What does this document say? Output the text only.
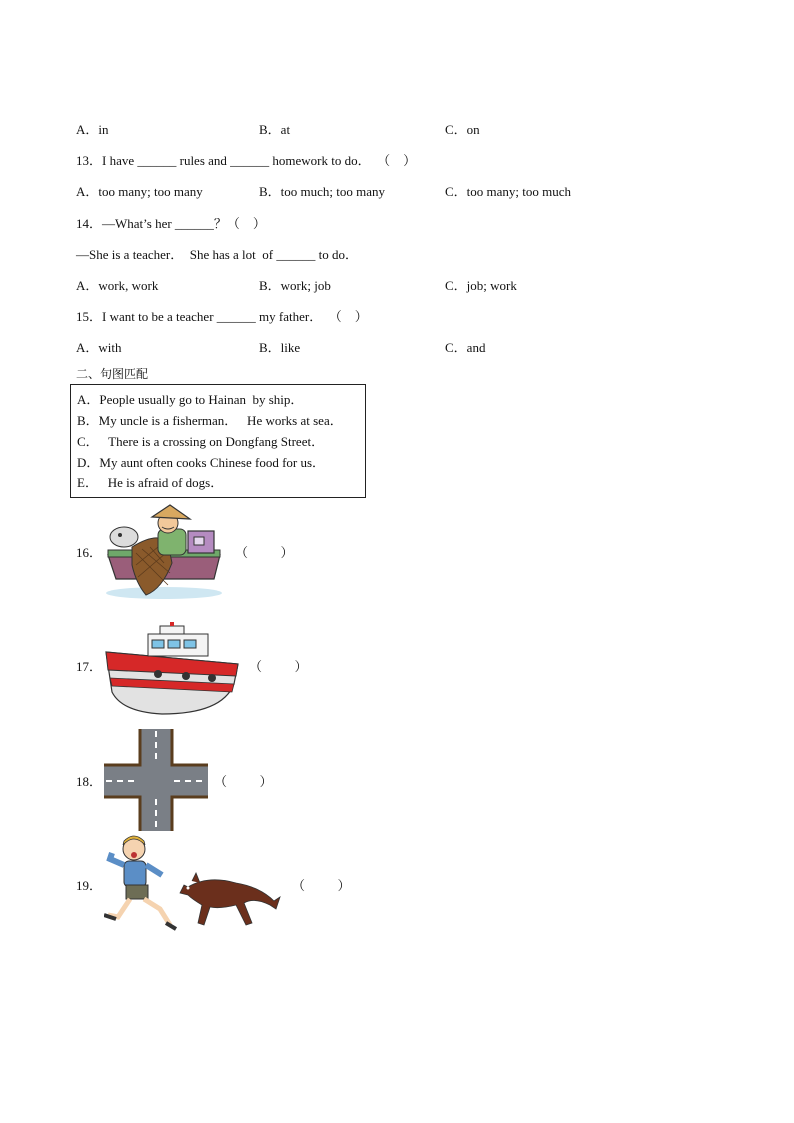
A．in	B．at	C．on
13．I have ______ rules and ______ homework to do．  （    ）
A．too many; too many	B．too much; too many	C．too many; too much
14．—What’s her ______？（    ）
—She is a teacher．  She has a lot  of ______ to do．
A．work, work	B．work; job	C．job; work
15．I want to be a teacher ______ my father．  （    ）
A．with	B．like	C．and
二、句图匹配
A．People usually go to Hainan  by ship．
B．My uncle is a fisherman．   He works at sea．
C．   There is a crossing on Dongfang Street．
D．My aunt often cooks Chinese food for us．
E．   He is afraid of dogs．
16．	（          ）
17．	（          ）
18．	（          ）
19．	（          ）
